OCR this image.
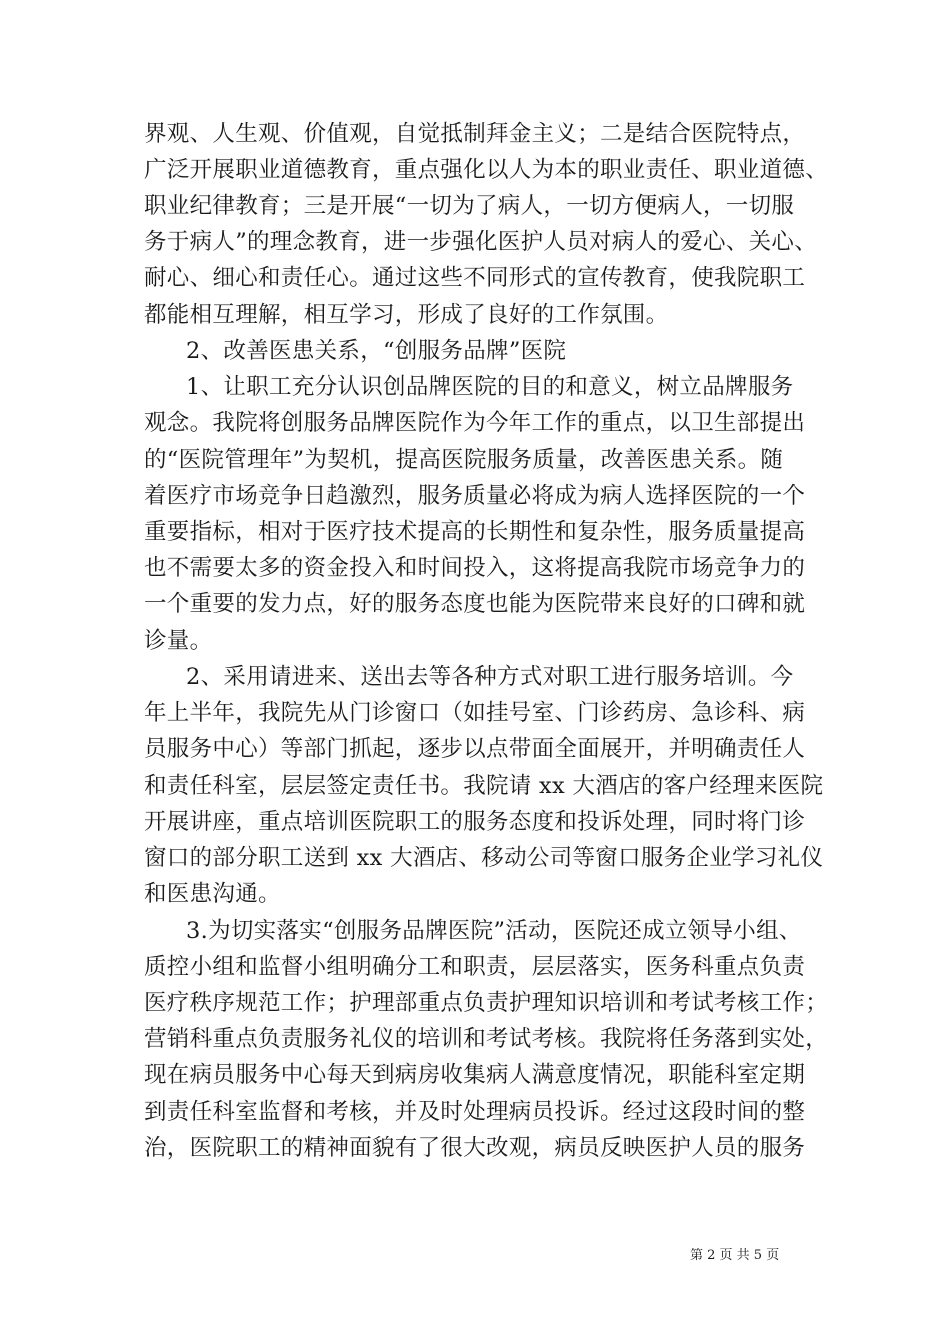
界观、人生观、价值观，自觉抵制拜金主义；二是结合医院特点，
广泛开展职业道德教育，重点强化以人为本的职业责任、职业道德、
职业纪律教育；三是开展“一切为了病人，一切方便病人，一切服
务于病人”的理念教育，进一步强化医护人员对病人的爱心、关心、
耐心、细心和责任心。通过这些不同形式的宣传教育，使我院职工
都能相互理解，相互学习，形成了良好的工作氛围。
2、改善医患关系，“创服务品牌”医院
1、让职工充分认识创品牌医院的目的和意义，树立品牌服务
观念。我院将创服务品牌医院作为今年工作的重点，以卫生部提出
的“医院管理年”为契机，提高医院服务质量，改善医患关系。随
着医疗市场竞争日趋激烈，服务质量必将成为病人选择医院的一个
重要指标，相对于医疗技术提高的长期性和复杂性，服务质量提高
也不需要太多的资金投入和时间投入，这将提高我院市场竞争力的
一个重要的发力点，好的服务态度也能为医院带来良好的口碑和就
诊量。
2、采用请进来、送出去等各种方式对职工进行服务培训。今
年上半年，我院先从门诊窗口（如挂号室、门诊药房、急诊科、病
员服务中心）等部门抓起，逐步以点带面全面展开，并明确责任人
和责任科室，层层签定责任书。我院请 xx 大酒店的客户经理来医院
开展讲座，重点培训医院职工的服务态度和投诉处理，同时将门诊
窗口的部分职工送到 xx 大酒店、移动公司等窗口服务企业学习礼仪
和医患沟通。
3.为切实落实“创服务品牌医院”活动，医院还成立领导小组、
质控小组和监督小组明确分工和职责，层层落实，医务科重点负责
医疗秩序规范工作；护理部重点负责护理知识培训和考试考核工作；
营销科重点负责服务礼仪的培训和考试考核。我院将任务落到实处，
现在病员服务中心每天到病房收集病人满意度情况，职能科室定期
到责任科室监督和考核，并及时处理病员投诉。经过这段时间的整
治，医院职工的精神面貌有了很大改观，病员反映医护人员的服务
第 2 页 共 5 页
